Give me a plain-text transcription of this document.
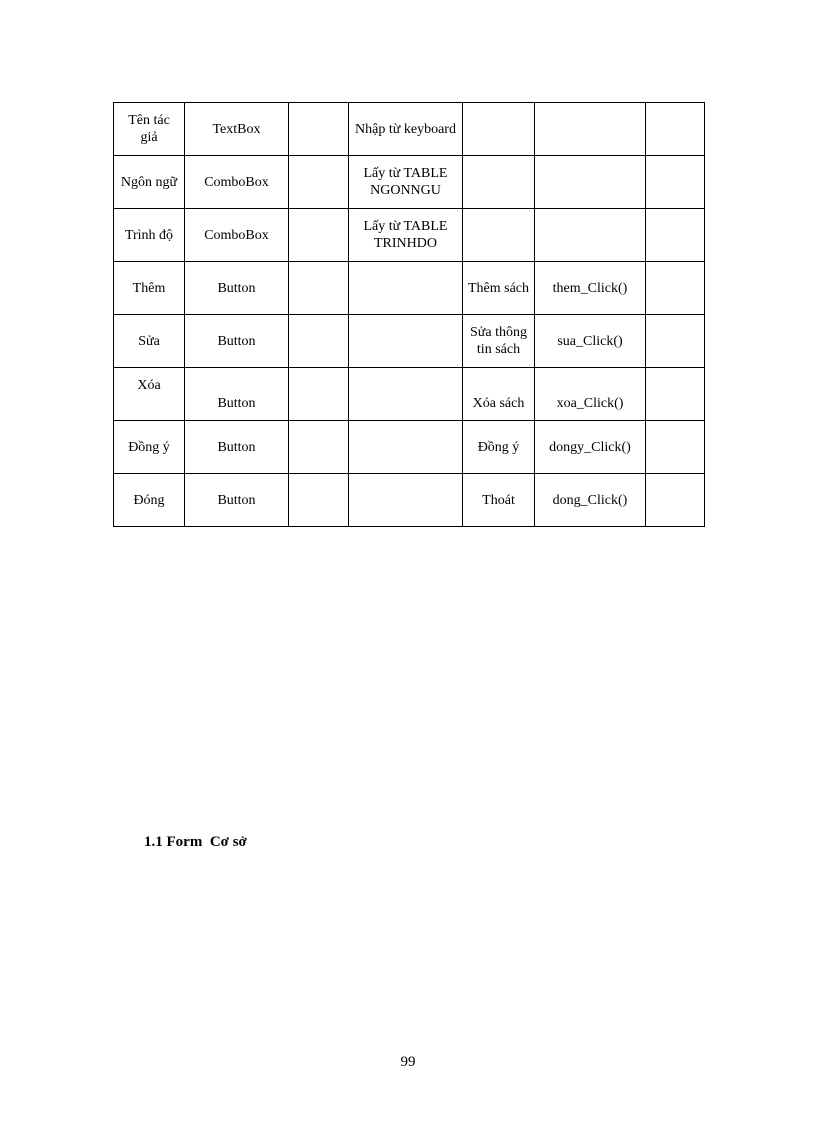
Tên tác giả	TextBox		Nhập từ keyboard			
Ngôn ngữ	ComboBox		Lấy từ TABLE NGONNGU			
Trình độ	ComboBox		Lấy từ TABLE TRINHDO			
Thêm	Button			Thêm sách	them_Click()	
Sửa	Button			Sửa thông tin sách	sua_Click()	
Xóa	Button			Xóa sách	xoa_Click()	
Đồng ý	Button			Đồng ý	dongy_Click()	
Đóng	Button			Thoát	dong_Click()	
1.1 Form  Cơ sở
99
